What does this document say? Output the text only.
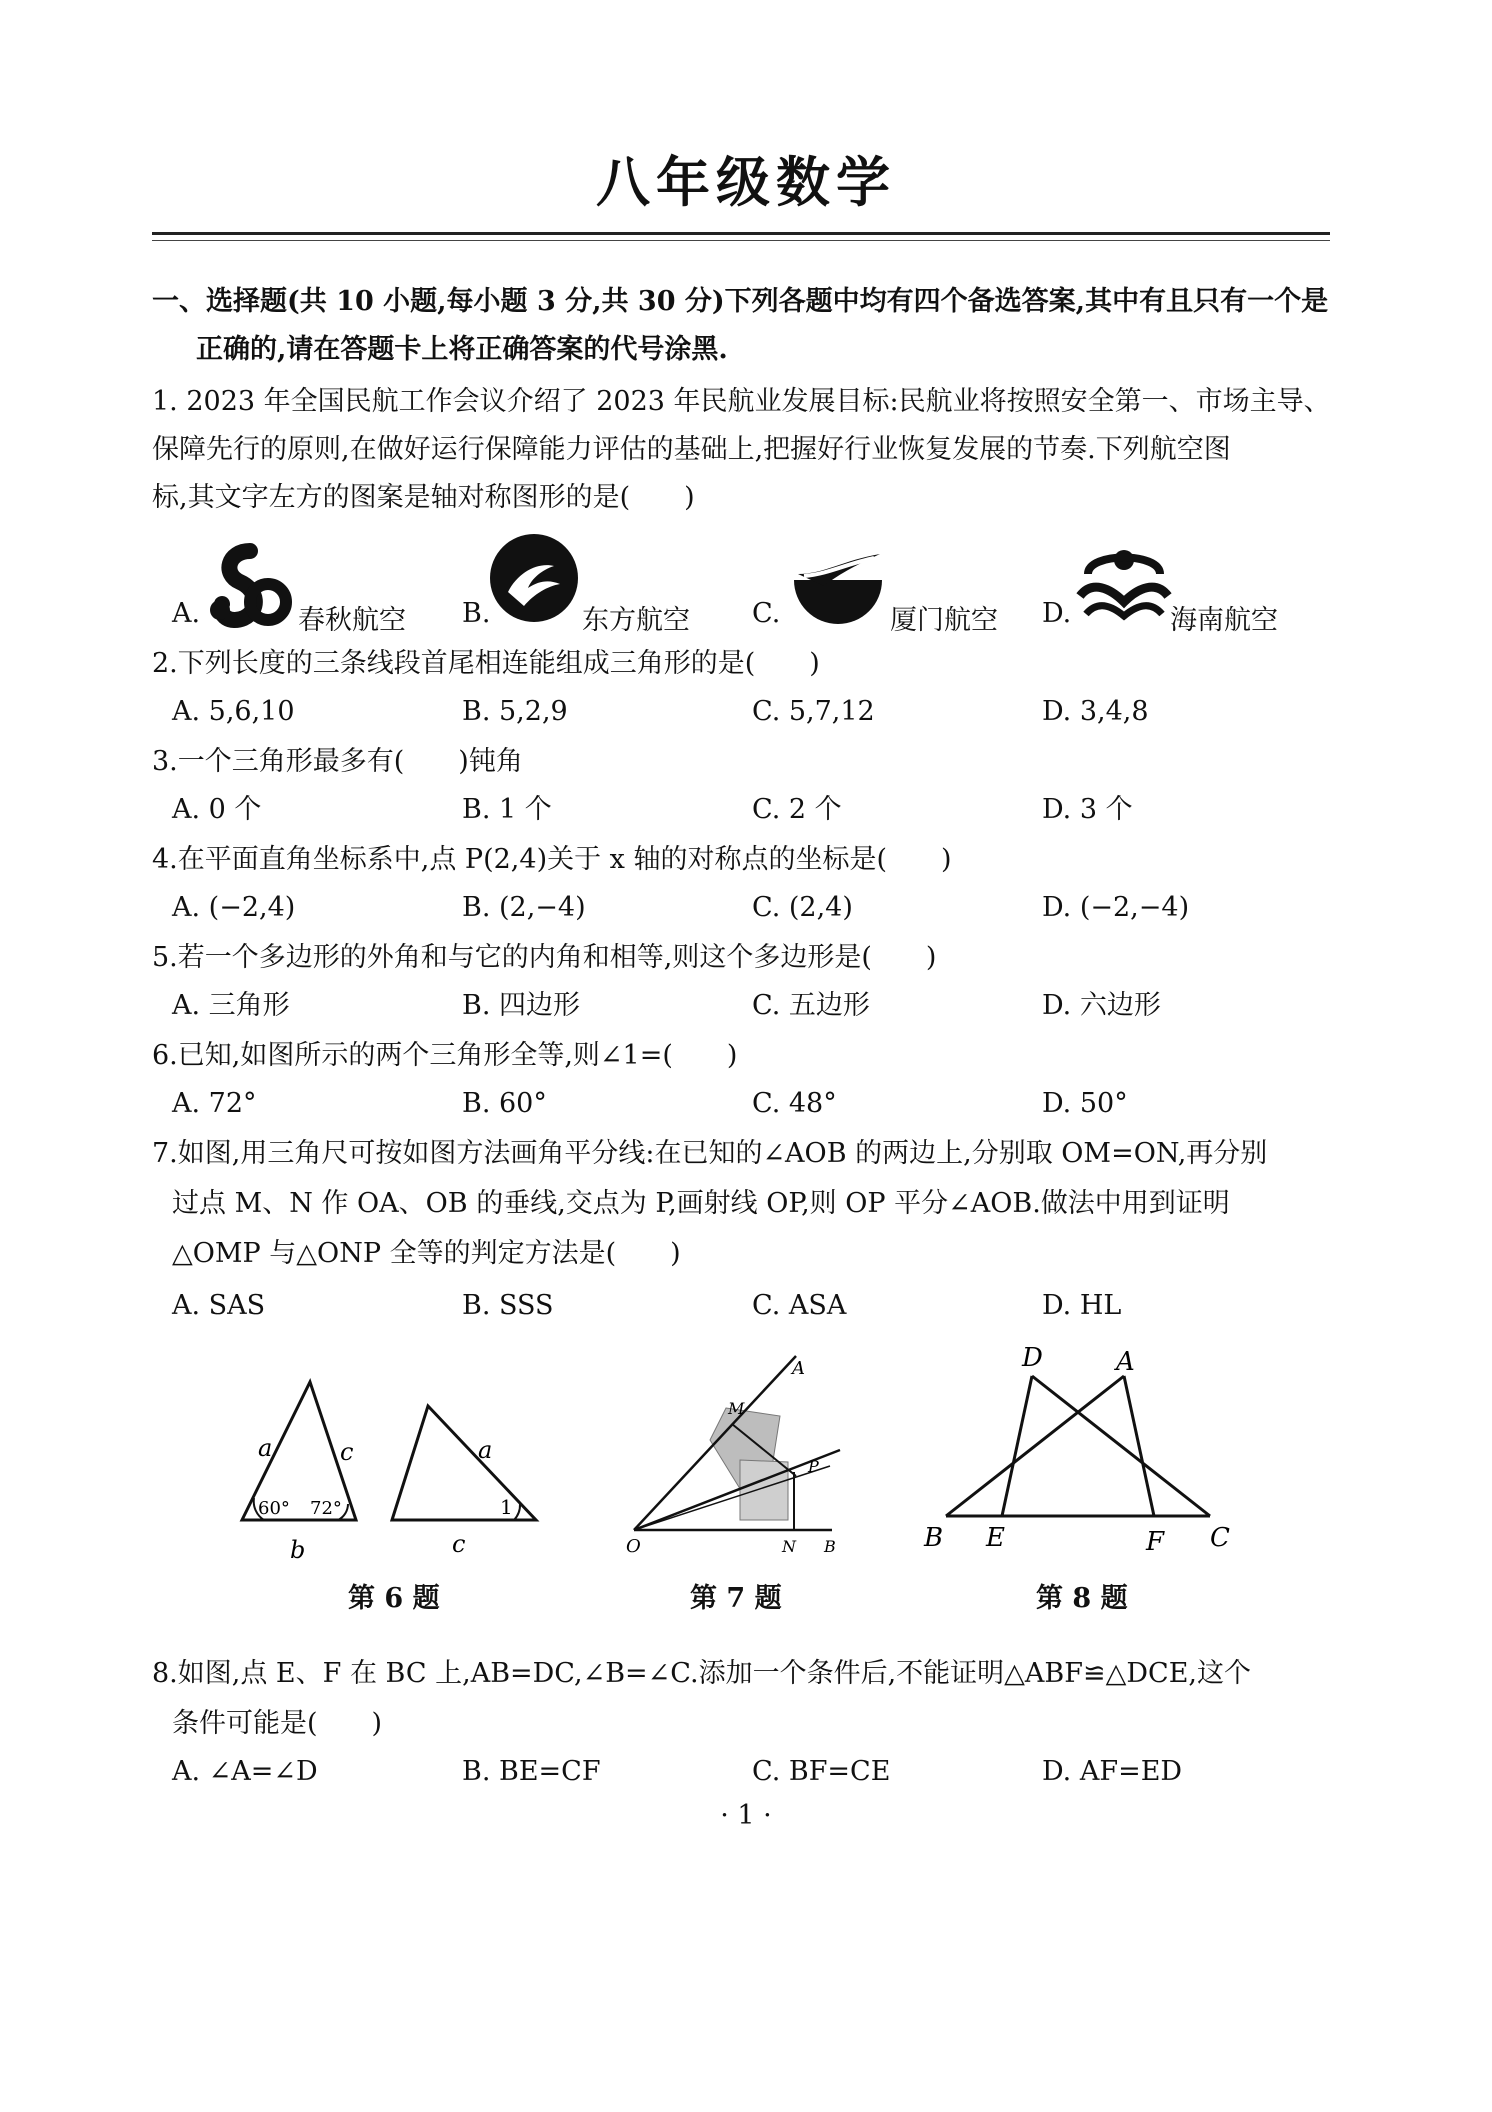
八年级数学
一、选择题(共 10 小题,每小题 3 分,共 30 分)下列各题中均有四个备选答案,其中有且只有一个是
正确的,请在答题卡上将正确答案的代号涂黑.
1. 2023 年全国民航工作会议介绍了 2023 年民航业发展目标:民航业将按照安全第一、市场主导、
保障先行的原则,在做好运行保障能力评估的基础上,把握好行业恢复发展的节奏.下列航空图
标,其文字左方的图案是轴对称图形的是(　　)
A.	春秋航空 B.	东方航空 C.	厦门航空 D.	海南航空
2.下列长度的三条线段首尾相连能组成三角形的是(　　)
A. 5,6,10	B. 5,2,9	C. 5,7,12	D. 3,4,8
3.一个三角形最多有(　　)钝角
A. 0 个	B. 1 个	C. 2 个	D. 3 个
4.在平面直角坐标系中,点 P(2,4)关于 x 轴的对称点的坐标是(　　)
A. (−2,4)	B. (2,−4)	C. (2,4)	D. (−2,−4)
5.若一个多边形的外角和与它的内角和相等,则这个多边形是(　　)
A. 三角形	B. 四边形	C. 五边形	D. 六边形
6.已知,如图所示的两个三角形全等,则∠1=(　　)
A. 72°	B. 60°	C. 48°	D. 50°
7.如图,用三角尺可按如图方法画角平分线:在已知的∠AOB 的两边上,分别取 OM=ON,再分别
过点 M、N 作 OA、OB 的垂线,交点为 P,画射线 OP,则 OP 平分∠AOB.做法中用到证明
△OMP 与△ONP 全等的判定方法是(　　)
A. SAS	B. SSS	C. ASA	D. HL
a	c
b
60° 72°
a
c
1
第 6 题
O
A
M
P
N B
第 7 题
D	A
B E	F C
第 8 题
8.如图,点 E、F 在 BC 上,AB=DC,∠B=∠C.添加一个条件后,不能证明△ABF≌△DCE,这个
条件可能是(　　)
A. ∠A=∠D	B. BE=CF	C. BF=CE	D. AF=ED
· 1 ·
